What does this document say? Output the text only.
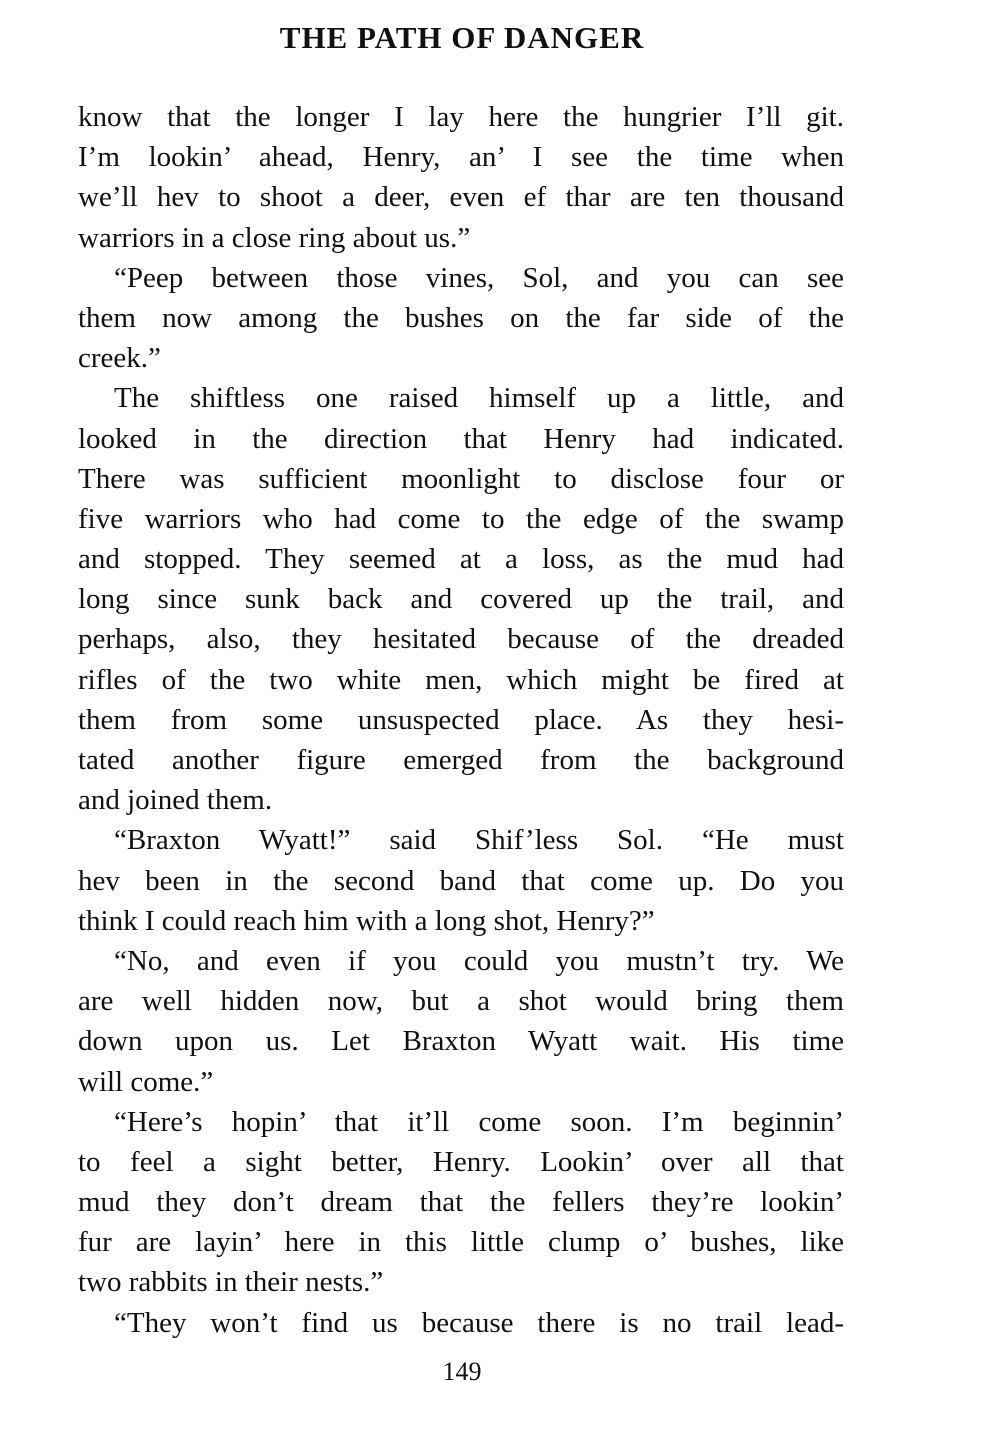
THE PATH OF DANGER
know that the longer I lay here the hungrier I’ll git.
I’m lookin’ ahead, Henry, an’ I see the time when
we’ll hev to shoot a deer, even ef thar are ten thousand
warriors in a close ring about us.”
“Peep between those vines, Sol, and you can see
them now among the bushes on the far side of the
creek.”
The shiftless one raised himself up a little, and
looked in the direction that Henry had indicated.
There was sufficient moonlight to disclose four or
five warriors who had come to the edge of the swamp
and stopped. They seemed at a loss, as the mud had
long since sunk back and covered up the trail, and
perhaps, also, they hesitated because of the dreaded
rifles of the two white men, which might be fired at
them from some unsuspected place. As they hesi-
tated another figure emerged from the background
and joined them.
“Braxton Wyatt!” said Shif’less Sol. “He must
hev been in the second band that come up. Do you
think I could reach him with a long shot, Henry?”
“No, and even if you could you mustn’t try. We
are well hidden now, but a shot would bring them
down upon us. Let Braxton Wyatt wait. His time
will come.”
“Here’s hopin’ that it’ll come soon. I’m beginnin’
to feel a sight better, Henry. Lookin’ over all that
mud they don’t dream that the fellers they’re lookin’
fur are layin’ here in this little clump o’ bushes, like
two rabbits in their nests.”
“They won’t find us because there is no trail lead-
149
